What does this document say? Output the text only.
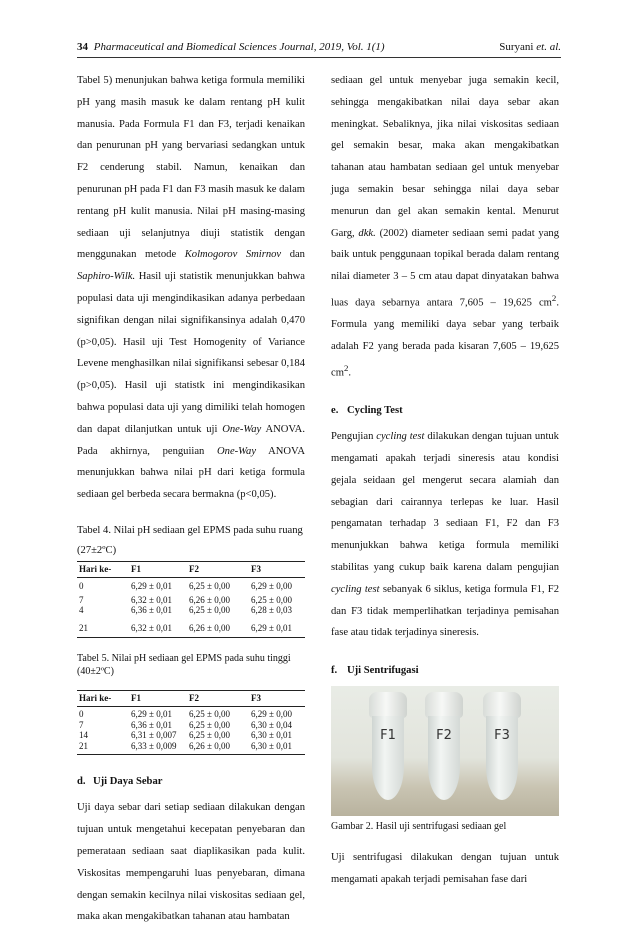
34 Pharmaceutical and Biomedical Sciences Journal, 2019, Vol. 1(1)	Suryani et. al.

Tabel 5) menunjukan bahwa ketiga formula memiliki pH yang masih masuk ke dalam rentang pH kulit manusia. Pada Formula F1 dan F3, terjadi kenaikan dan penurunan pH yang bervariasi sedangkan untuk F2 cenderung stabil. Namun, kenaikan dan penurunan pH pada F1 dan F3 masih masuk ke dalam rentang pH kulit manusia. Nilai pH masing-masing sediaan uji selanjutnya diuji statistik dengan menggunakan metode Kolmogorov Smirnov dan Saphiro-Wilk. Hasil uji statistik menunjukkan bahwa populasi data uji mengindikasikan adanya perbedaan signifikan dengan nilai signifikansinya adalah 0,470 (p>0,05). Hasil uji Test Homogenity of Variance Levene menghasilkan nilai signifikansi sebesar 0,184 (p>0,05). Hasil uji statistk ini mengindikasikan bahwa populasi data uji yang dimiliki telah homogen dan dapat dilanjutkan untuk uji One-Way ANOVA. Pada akhirnya, penguiian One-Way ANOVA menunjukkan bahwa nilai pH dari ketiga formula sediaan gel berbeda secara bermakna (p<0,05).

Tabel 4. Nilai pH sediaan gel EPMS pada suhu ruang (27±2ºC)

Hari ke-	F1	F2	F3
0	6,29 ± 0,01	6,25 ± 0,00	6,29 ± 0,00
7	6,32 ± 0,01	6,26 ± 0,00	6,25 ± 0,00
4	6,36 ± 0,01	6,25 ± 0,00	6,28 ± 0,03
21	6,32 ± 0,01	6,26 ± 0,00	6,29 ± 0,01

Tabel 5. Nilai pH sediaan gel EPMS pada suhu tinggi (40±2ºC)

Hari ke-	F1	F2	F3
0	6,29 ± 0,01	6,25 ± 0,00	6,29 ± 0,00
7	6,36 ± 0,01	6,25 ± 0,00	6,30 ± 0,04
14	6,31 ± 0,007	6,25 ± 0,00	6,30 ± 0,01
21	6,33 ± 0,009	6,26 ± 0,00	6,30 ± 0,01
d. Uji Daya Sebar

Uji daya sebar dari setiap sediaan dilakukan dengan tujuan untuk mengetahui kecepatan penyebaran dan pemerataan sediaan saat diaplikasikan pada kulit. Viskositas mempengaruhi luas penyebaran, dimana dengan semakin kecilnya nilai viskositas sediaan gel, maka akan mengakibatkan tahanan atau hambatan

sediaan gel untuk menyebar juga semakin kecil, sehingga mengakibatkan nilai daya sebar akan meningkat. Sebaliknya, jika nilai viskositas sediaan gel semakin besar, maka akan mengakibatkan tahanan atau hambatan sediaan gel untuk menyebar juga semakin besar sehingga nilai daya sebar menurun dan gel akan semakin kental. Menurut Garg, dkk. (2002) diameter sediaan semi padat yang baik untuk penggunaan topikal berada dalam rentang nilai diameter 3 – 5 cm atau dapat dinyatakan bahwa luas daya sebarnya antara 7,605 – 19,625 $cm^2$. Formula yang memiliki daya sebar yang terbaik adalah F2 yang berada pada kisaran 7,605 – 19,625 $cm^2$.

e. Cycling Test

Pengujian cycling test dilakukan dengan tujuan untuk mengamati apakah terjadi sineresis atau kondisi gejala seidaan gel mengerut secara alamiah dan sebagian dari cairannya terlepas ke luar. Hasil pengamatan terhadap 3 sediaan F1, F2 dan F3 menunjukkan bahwa ketiga formula memiliki stabilitas yang cukup baik karena dalam pengujian cycling test sebanyak 6 siklus, ketiga formula F1, F2 dan F3 tidak memperlihatkan terjadinya pemisahan fase atau tidak terjadinya sineresis.

f. Uji Sentrifugasi
F1	F2	F3

Gambar 2. Hasil uji sentrifugasi sediaan gel

Uji sentrifugasi dilakukan dengan tujuan untuk mengamati apakah terjadi pemisahan fase dari
